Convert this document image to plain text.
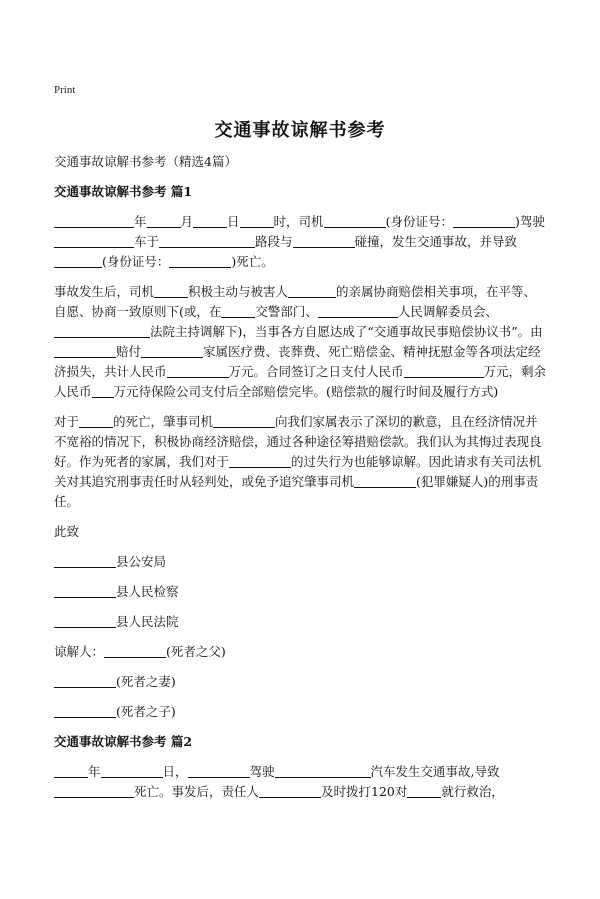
Print
交通事故谅解书参考

交通事故谅解书参考（精选4篇）

交通事故谅解书参考 篇1

年	月	日	时，司机	(身份证号：	)驾驶车于	路段与	碰撞，发生交通事故，并导致(身份证号：	)死亡。

事故发生后，司机	积极主动与被害人	的亲属协商赔偿相关事项，在平等、自愿、协商一致原则下(或，在	交警部门、	人民调解委员会、法院主持调解下)，当事各方自愿达成了“交通事故民事赔偿协议书”。由赔付	家属医疗费、丧葬费、死亡赔偿金、精神抚慰金等各项法定经济损失，共计人民币	万元。合同签订之日支付人民币	万元，剩余人民币 万元待保险公司支付后全部赔偿完毕。(赔偿款的履行时间及履行方式)

对于	的死亡，肇事司机	向我们家属表示了深切的歉意，且在经济情况并不宽裕的情况下，积极协商经济赔偿，通过各种途径筹措赔偿款。我们认为其悔过表现良好。作为死者的家属，我们对于	的过失行为也能够谅解。因此请求有关司法机关对其追究刑事责任时从轻判处，或免予追究肇事司机	(犯罪嫌疑人)的刑事责任。

此致

县公安局

县人民检察

县人民法院

谅解人：	(死者之父)

(死者之妻)

(死者之子)

交通事故谅解书参考 篇2

年	日，	驾驶	汽车发生交通事故,导致死亡。事发后，责任人	及时拨打120对	就行救治，
